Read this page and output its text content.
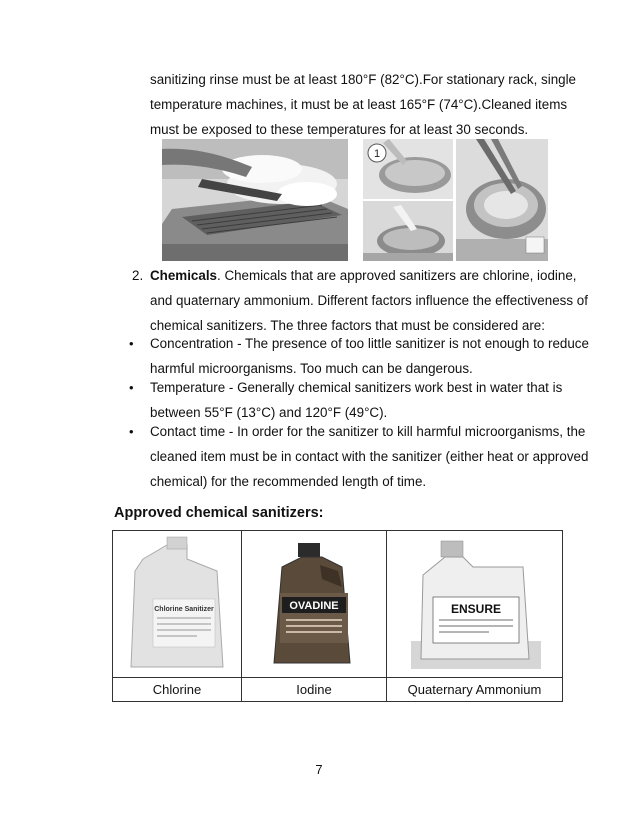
sanitizing rinse must be at least 180°F (82°C). For stationary rack, single
temperature machines, it must be at least 165°F (74°C). Cleaned items
must be exposed to these temperatures for at least 30 seconds.
1
2. Chemicals. Chemicals that are approved sanitizers are chlorine, iodine,
and quaternary ammonium. Different factors influence the effectiveness of
chemical sanitizers. The three factors that must be considered are:
• Concentration - The presence of too little sanitizer is not enough to reduce
harmful microorganisms. Too much can be dangerous.
• Temperature - Generally chemical sanitizers work best in water that is
between 55°F (13°C) and 120°F (49°C).
• Contact time - In order for the sanitizer to kill harmful microorganisms, the
cleaned item must be in contact with the sanitizer (either heat or approved
chemical) for the recommended length of time.
Approved chemical sanitizers:
Chlorine Sanitizer	OVADINE	ENSURE
Chlorine	Iodine	Quaternary Ammonium
7
